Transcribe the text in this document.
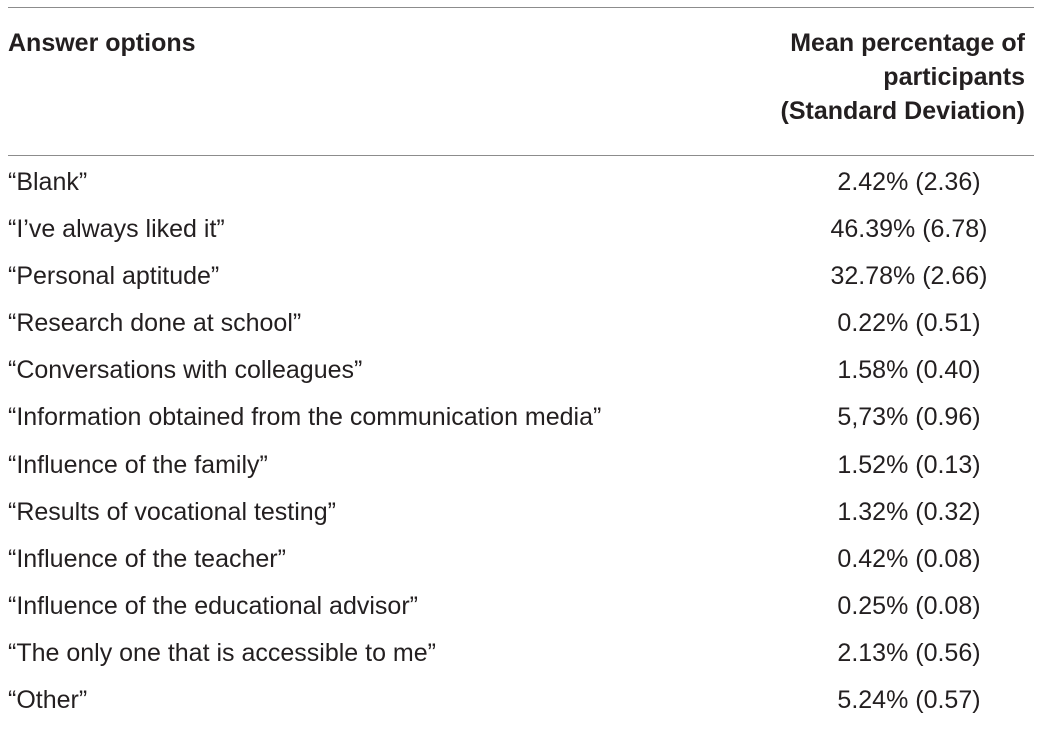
Answer options	Mean percentage of
participants
(Standard Deviation)
“Blank”	2.42% (2.36)
“I’ve always liked it”	46.39% (6.78)
“Personal aptitude”	32.78% (2.66)
“Research done at school”	0.22% (0.51)
“Conversations with colleagues”	1.58% (0.40)
“Information obtained from the communication media”	5,73% (0.96)
“Influence of the family”	1.52% (0.13)
“Results of vocational testing”	1.32% (0.32)
“Influence of the teacher”	0.42% (0.08)
“Influence of the educational advisor”	0.25% (0.08)
“The only one that is accessible to me”	2.13% (0.56)
“Other”	5.24% (0.57)
